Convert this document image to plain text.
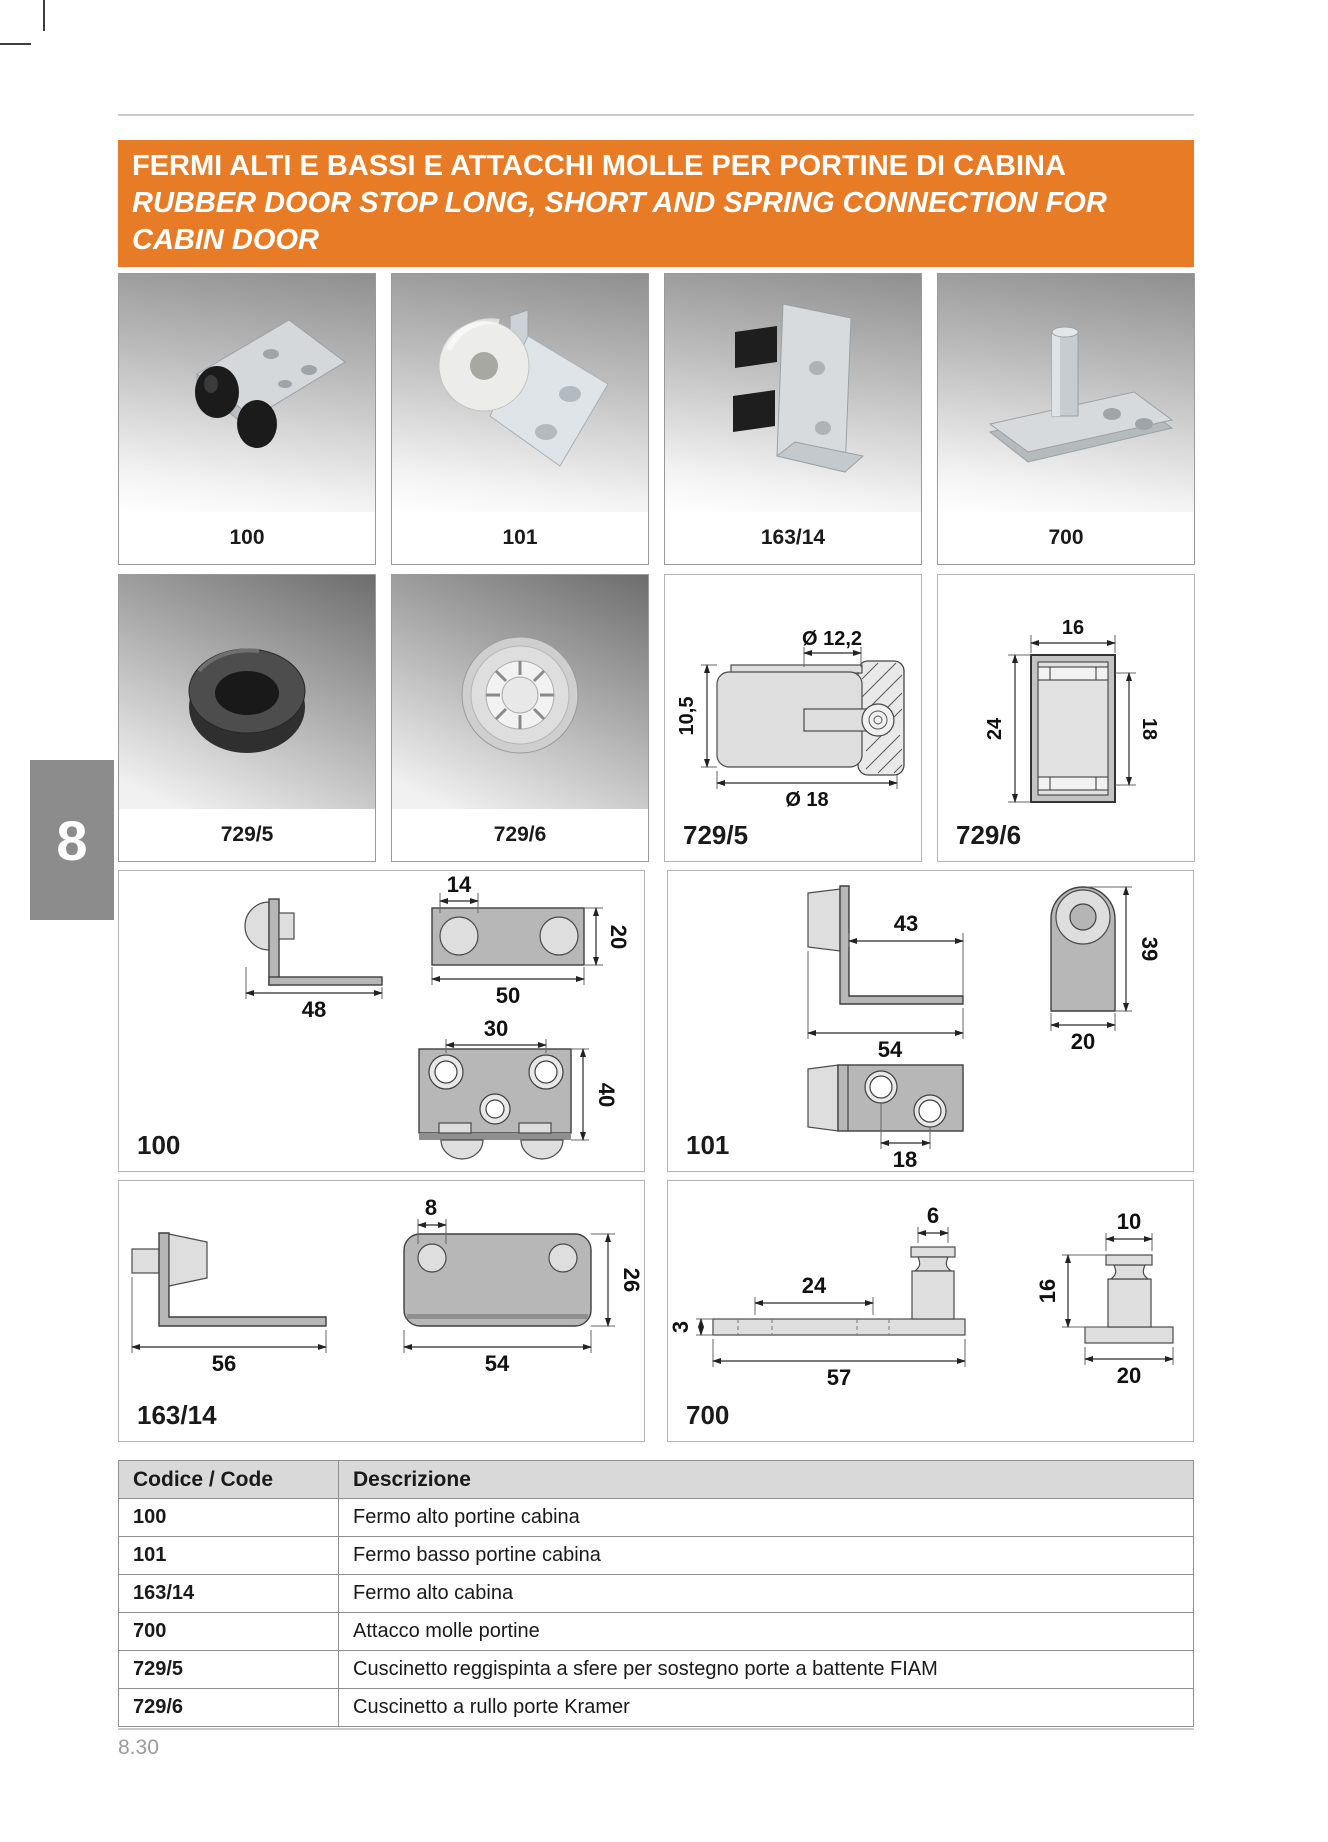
FERMI ALTI E BASSI E ATTACCHI MOLLE PER PORTINE DI CABINA
RUBBER DOOR STOP LONG, SHORT AND SPRING CONNECTION FOR
CABIN DOOR
8
100	101	163/14	700
729/5	729/6
Ø 12,2
10,5
Ø 18
729/5
16
24	18
729/6
48
14
20
50
30
40
100
43
54
39
20
18
101
56
8
26
54
163/14
6
24
3
57
10
16
20
700
Codice / Code	Descrizione
100	Fermo alto portine cabina
101	Fermo basso portine cabina
163/14	Fermo alto cabina
700	Attacco molle portine
729/5	Cuscinetto reggispinta a sfere per sostegno porte a battente FIAM
729/6	Cuscinetto a rullo porte Kramer
8.30
